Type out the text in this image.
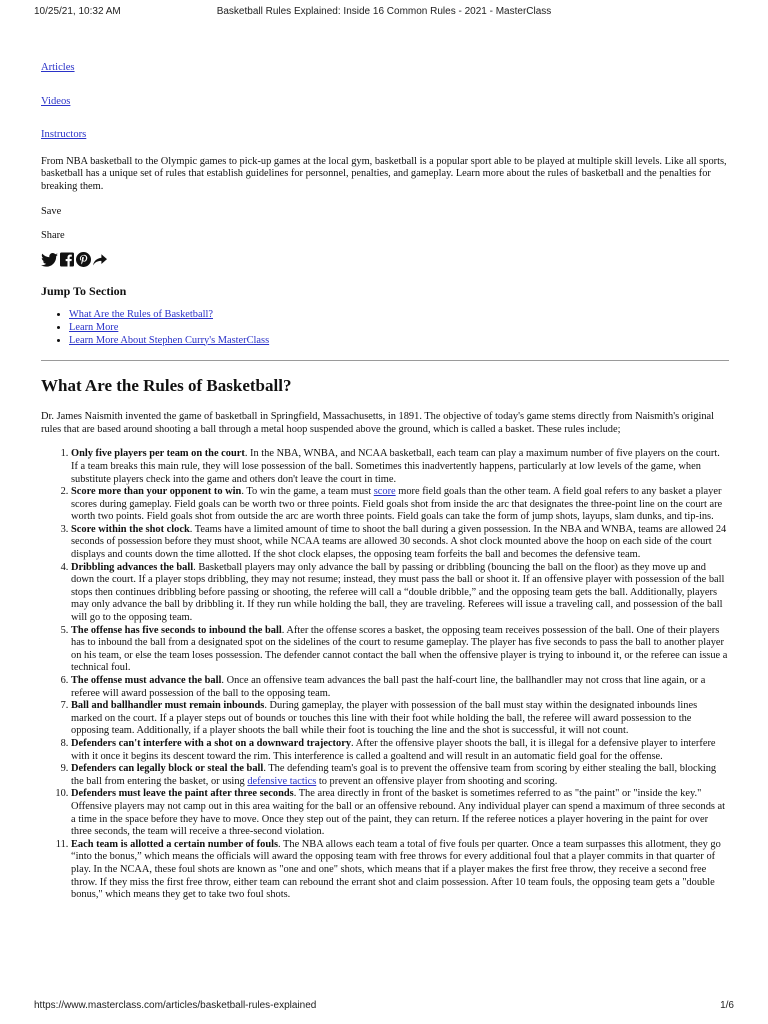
10/25/21, 10:32 AM	Basketball Rules Explained: Inside 16 Common Rules - 2021 - MasterClass
Articles
Videos
Instructors

From NBA basketball to the Olympic games to pick-up games at the local gym, basketball is a popular sport able to be played at multiple skill levels. Like all sports, basketball has a unique set of rules that establish guidelines for personnel, penalties, and gameplay. Learn more about the rules of basketball and the penalties for breaking them.

Save
Share
Jump To Section
• What Are the Rules of Basketball?
• Learn More
• Learn More About Stephen Curry's MasterClass
What Are the Rules of Basketball?

Dr. James Naismith invented the game of basketball in Springfield, Massachusetts, in 1891. The objective of today's game stems directly from Naismith's original rules that are based around shooting a ball through a metal hoop suspended above the ground, which is called a basket. These rules include;

1. Only five players per team on the court. In the NBA, WNBA, and NCAA basketball, each team can play a maximum number of five players on the court. If a team breaks this main rule, they will lose possession of the ball. Sometimes this inadvertently happens, particularly at low levels of the game, when substitute players check into the game and others don't leave the court in time.
2. Score more than your opponent to win. To win the game, a team must score more field goals than the other team. A field goal refers to any basket a player scores during gameplay. Field goals can be worth two or three points. Field goals shot from inside the arc that designates the three-point line on the court are worth two points. Field goals shot from outside the arc are worth three points. Field goals can take the form of jump shots, layups, slam dunks, and tip-ins.
3. Score within the shot clock. Teams have a limited amount of time to shoot the ball during a given possession. In the NBA and WNBA, teams are allowed 24 seconds of possession before they must shoot, while NCAA teams are allowed 30 seconds. A shot clock mounted above the hoop on each side of the court displays and counts down the time allotted. If the shot clock elapses, the opposing team forfeits the ball and becomes the defensive team.
4. Dribbling advances the ball. Basketball players may only advance the ball by passing or dribbling (bouncing the ball on the floor) as they move up and down the court. If a player stops dribbling, they may not resume; instead, they must pass the ball or shoot it. If an offensive player with possession of the ball stops then continues dribbling before passing or shooting, the referee will call a “double dribble,” and the opposing team gets the ball. Additionally, players may only advance the ball by dribbling it. If they run while holding the ball, they are traveling. Referees will issue a traveling call, and possession of the ball will go to the opposing team.
5. The offense has five seconds to inbound the ball. After the offense scores a basket, the opposing team receives possession of the ball. One of their players has to inbound the ball from a designated spot on the sidelines of the court to resume gameplay. The player has five seconds to pass the ball to another player on his team, or else the team loses possession. The defender cannot contact the ball when the offensive player is trying to inbound it, or the referee can issue a technical foul.
6. The offense must advance the ball. Once an offensive team advances the ball past the half-court line, the ballhandler may not cross that line again, or a referee will award possession of the ball to the opposing team.
7. Ball and ballhandler must remain inbounds. During gameplay, the player with possession of the ball must stay within the designated inbounds lines marked on the court. If a player steps out of bounds or touches this line with their foot while holding the ball, the referee will award possession to the opposing team. Additionally, if a player shoots the ball while their foot is touching the line and the shot is successful, it will not count.
8. Defenders can't interfere with a shot on a downward trajectory. After the offensive player shoots the ball, it is illegal for a defensive player to interfere with it once it begins its descent toward the rim. This interference is called a goaltend and will result in an automatic field goal for the offense.
9. Defenders can legally block or steal the ball. The defending team's goal is to prevent the offensive team from scoring by either stealing the ball, blocking the ball from entering the basket, or using defensive tactics to prevent an offensive player from shooting and scoring.
10. Defenders must leave the paint after three seconds. The area directly in front of the basket is sometimes referred to as "the paint" or "inside the key." Offensive players may not camp out in this area waiting for the ball or an offensive rebound. Any individual player can spend a maximum of three seconds at a time in the space before they have to move. Once they step out of the paint, they can return. If the referee notices a player hovering in the paint for over three seconds, the team will receive a three-second violation.
11. Each team is allotted a certain number of fouls. The NBA allows each team a total of five fouls per quarter. Once a team surpasses this allotment, they go “into the bonus,” which means the officials will award the opposing team with free throws for every additional foul that a player commits in that quarter of play. In the NCAA, these foul shots are known as "one and one" shots, which means that if a player makes the first free throw, they receive a second free throw. If they miss the first free throw, either team can rebound the errant shot and claim possession. After 10 team fouls, the opposing team gets a "double bonus," which means they get to take two foul shots.
https://www.masterclass.com/articles/basketball-rules-explained	1/6
